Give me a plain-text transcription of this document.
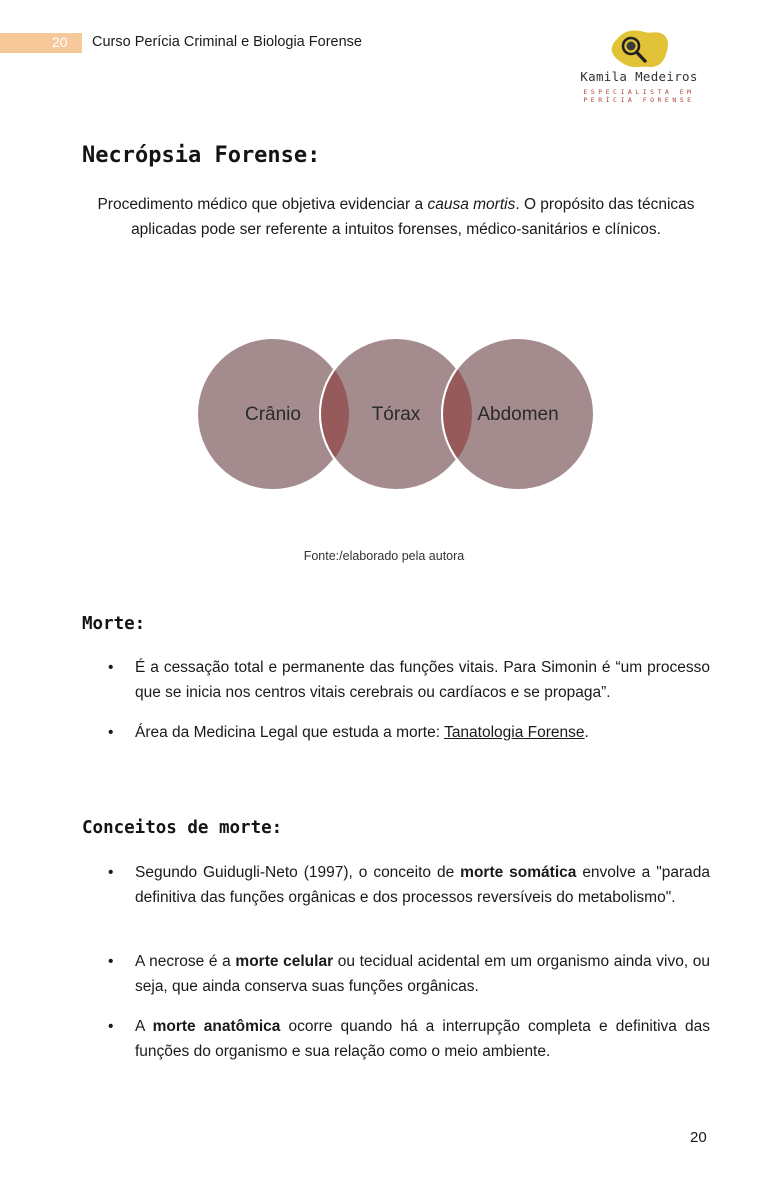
20 Curso Perícia Criminal e Biologia Forense
Kamila Medeiros
ESPECIALISTA EM
PERÍCIA FORENSE
Necrópsia Forense:

Procedimento médico que objetiva evidenciar a causa mortis. O propósito das técnicas aplicadas pode ser referente a intuitos forenses, médico-sanitários e clínicos.

Crânio	Tórax	Abdomen
Fonte:/elaborado pela autora
Morte:
• É a cessação total e permanente das funções vitais. Para Simonin é “um processo que se inicia nos centros vitais cerebrais ou cardíacos e se propaga”.
• Área da Medicina Legal que estuda a morte: Tanatologia Forense.
Conceitos de morte:
• Segundo Guidugli-Neto (1997), o conceito de morte somática envolve a "parada definitiva das funções orgânicas e dos processos reversíveis do metabolismo".
• A necrose é a morte celular ou tecidual acidental em um organismo ainda vivo, ou seja, que ainda conserva suas funções orgânicas.
• A morte anatômica ocorre quando há a interrupção completa e definitiva das funções do organismo e sua relação como o meio ambiente.
20
